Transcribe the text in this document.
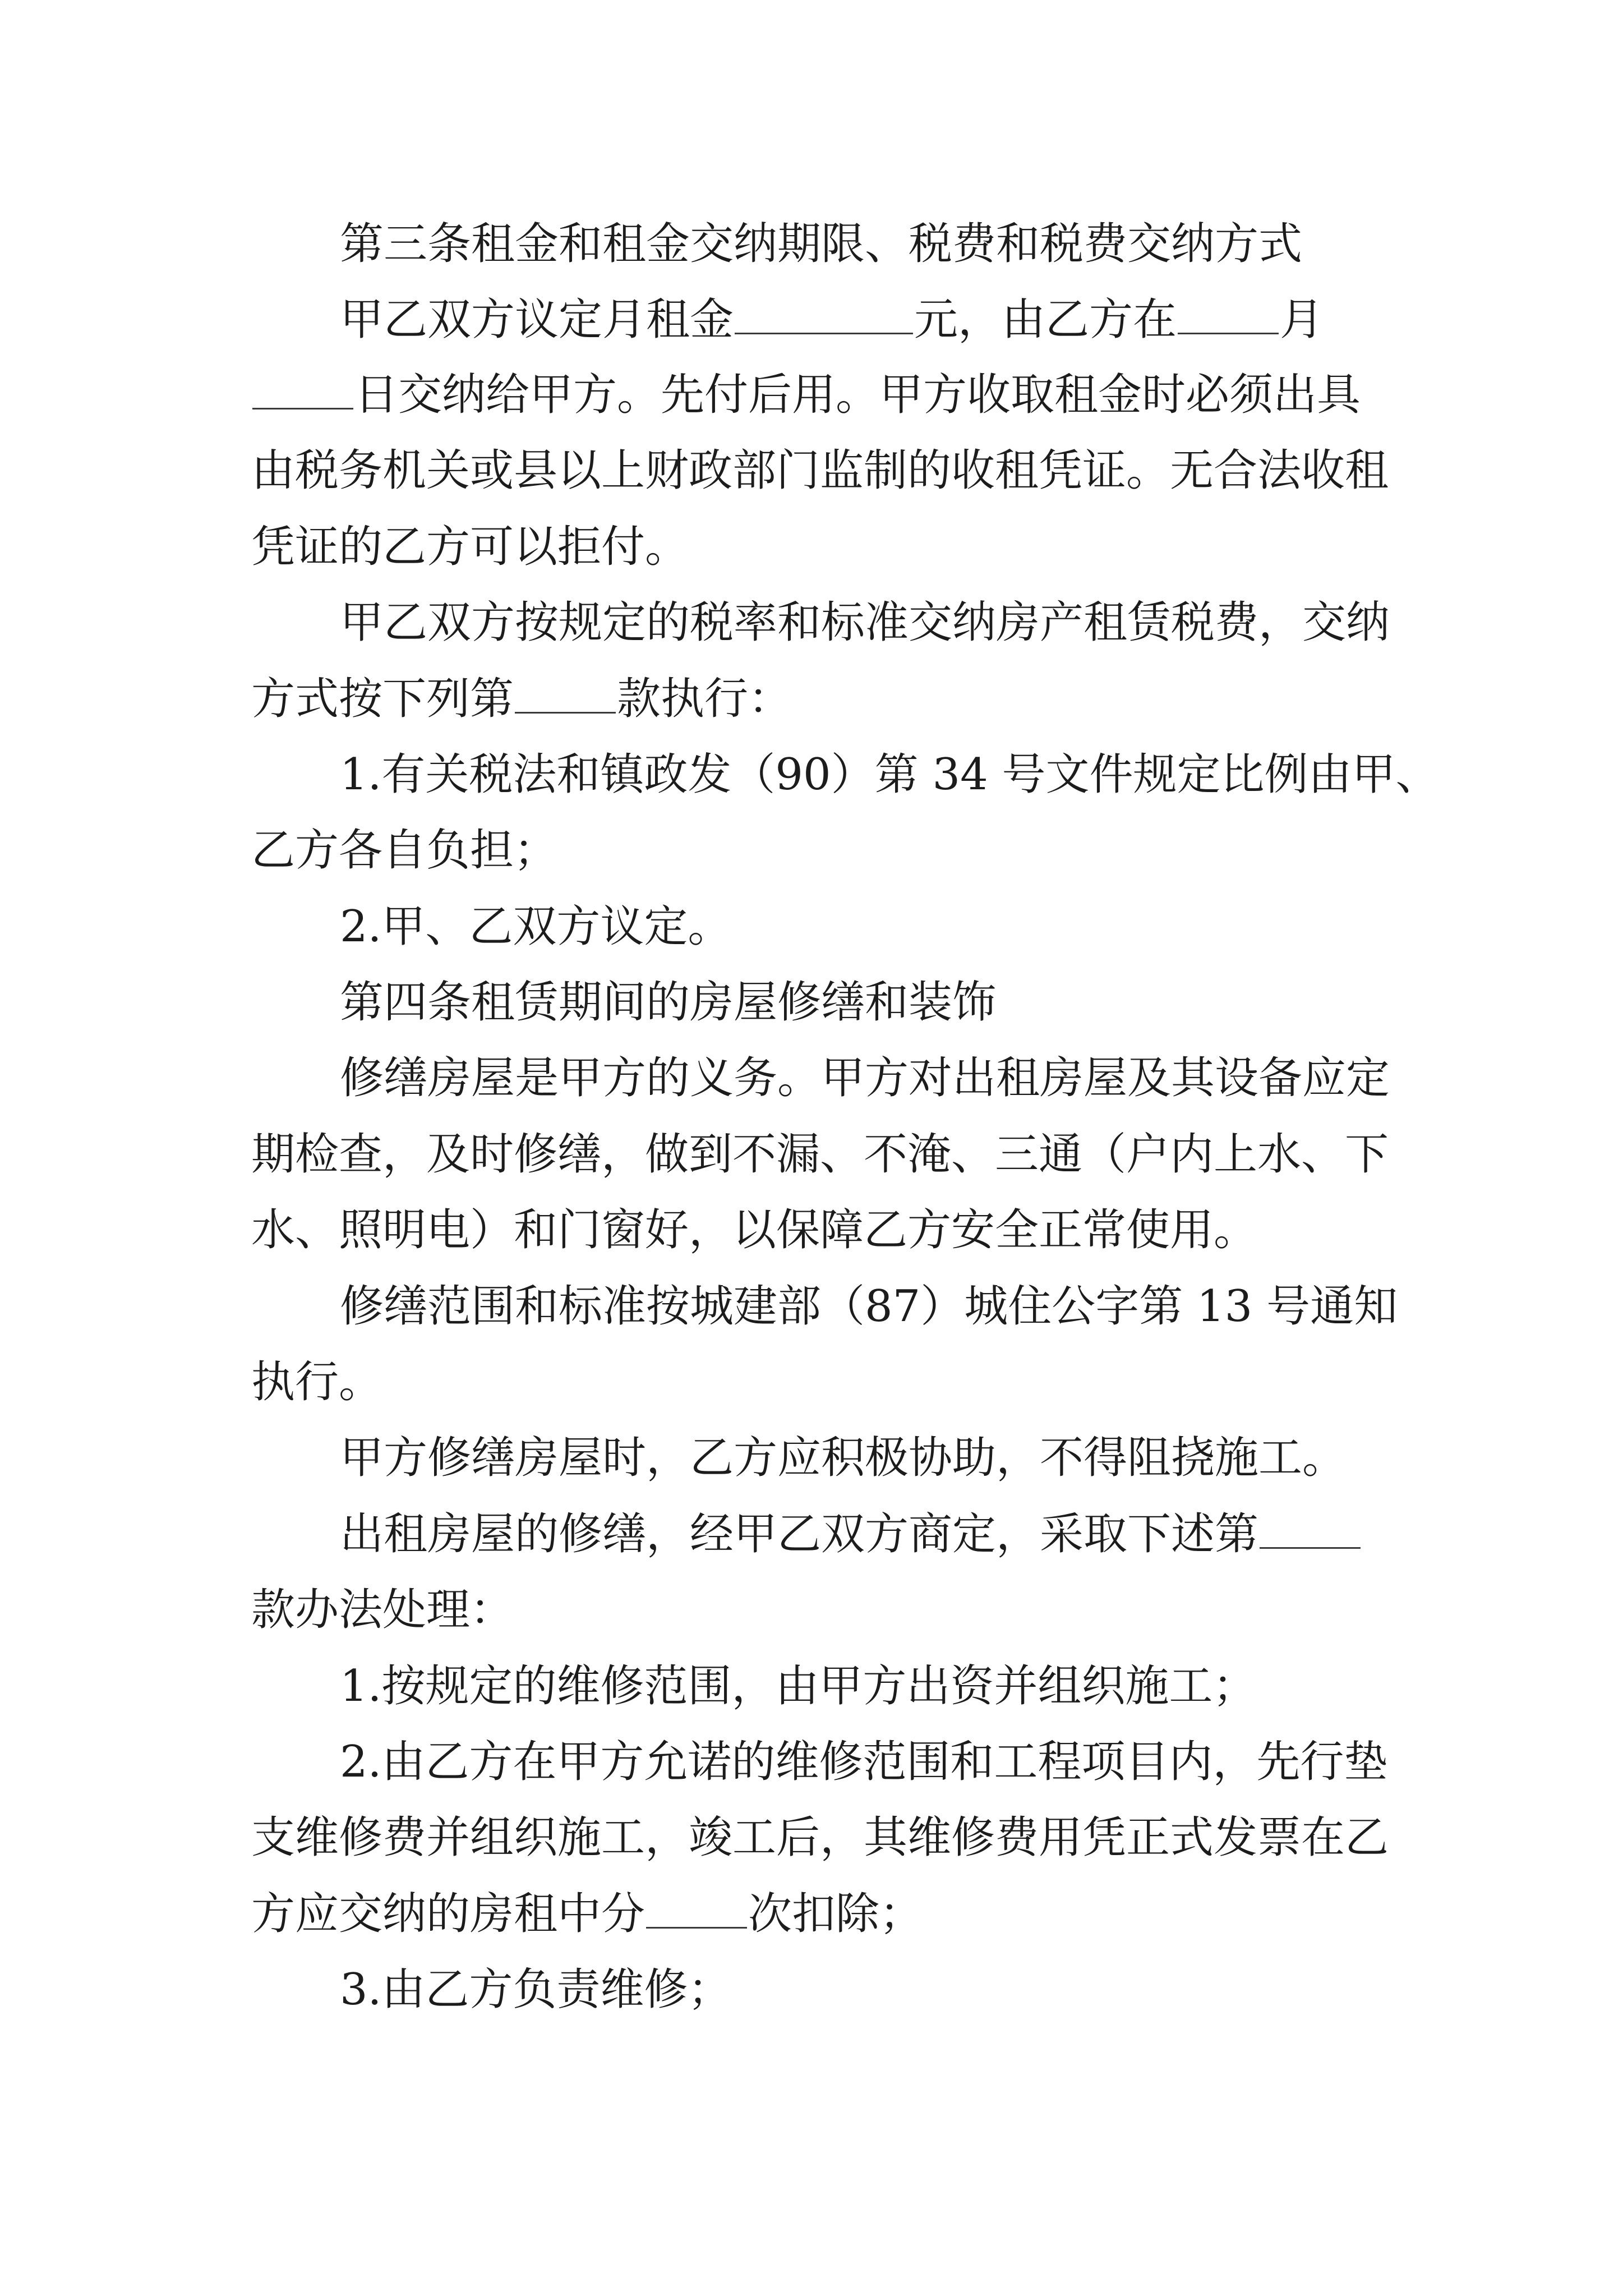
第三条租金和租金交纳期限、税费和税费交纳方式
甲乙双方议定月租金	元，由乙方在 月
日交纳给甲方。先付后用。甲方收取租金时必须出具
由税务机关或县以上财政部门监制的收租凭证。无合法收租
凭证的乙方可以拒付。
甲乙双方按规定的税率和标准交纳房产租赁税费，交纳
方式按下列第 款执行：
1.有关税法和镇政发（90）第 34 号文件规定比例由甲、
乙方各自负担；
2.甲、乙双方议定。
第四条租赁期间的房屋修缮和装饰
修缮房屋是甲方的义务。甲方对出租房屋及其设备应定
期检查，及时修缮，做到不漏、不淹、三通（户内上水、下
水、照明电）和门窗好，以保障乙方安全正常使用。
修缮范围和标准按城建部（87）城住公字第 13 号通知
执行。
甲方修缮房屋时，乙方应积极协助，不得阻挠施工。
出租房屋的修缮，经甲乙双方商定，采取下述第
款办法处理：
1.按规定的维修范围，由甲方出资并组织施工；
2.由乙方在甲方允诺的维修范围和工程项目内，先行垫
支维修费并组织施工，竣工后，其维修费用凭正式发票在乙
方应交纳的房租中分 次扣除；
3.由乙方负责维修；
